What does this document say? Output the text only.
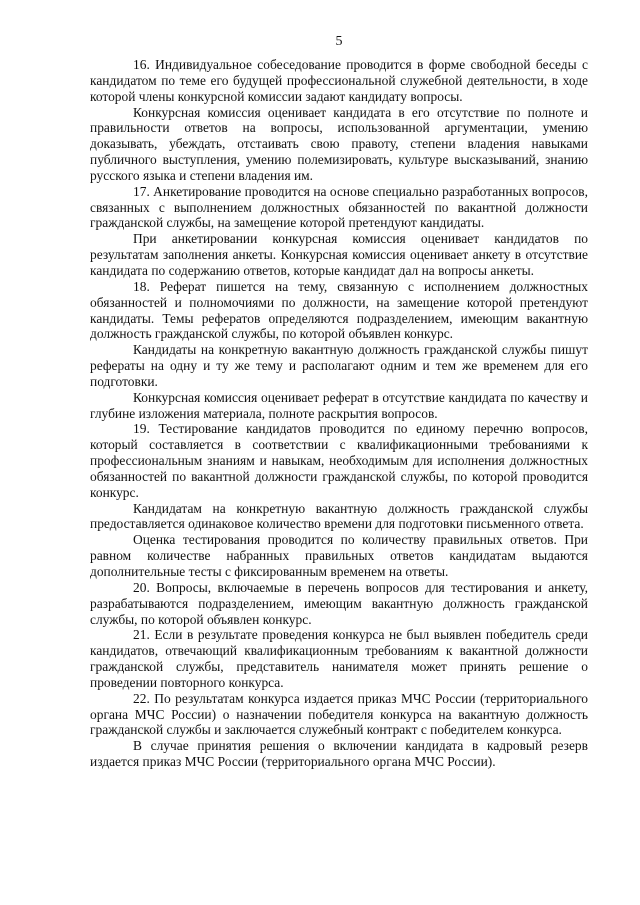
5

16. Индивидуальное собеседование проводится в форме свободной беседы с кандидатом по теме его будущей профессиональной служебной деятельности, в ходе которой члены конкурсной комиссии задают кандидату вопросы.

Конкурсная комиссия оценивает кандидата в его отсутствие по полноте и правильности ответов на вопросы, использованной аргументации, умению доказывать, убеждать, отстаивать свою правоту, степени владения навыками публичного выступления, умению полемизировать, культуре высказываний, знанию русского языка и степени владения им.

17. Анкетирование проводится на основе специально разработанных вопросов, связанных с выполнением должностных обязанностей по вакантной должности гражданской службы, на замещение которой претендуют кандидаты.

При анкетировании конкурсная комиссия оценивает кандидатов по результатам заполнения анкеты. Конкурсная комиссия оценивает анкету в отсутствие кандидата по содержанию ответов, которые кандидат дал на вопросы анкеты.

18. Реферат пишется на тему, связанную с исполнением должностных обязанностей и полномочиями по должности, на замещение которой претендуют кандидаты. Темы рефератов определяются подразделением, имеющим вакантную должность гражданской службы, по которой объявлен конкурс.

Кандидаты на конкретную вакантную должность гражданской службы пишут рефераты на одну и ту же тему и располагают одним и тем же временем для его подготовки.

Конкурсная комиссия оценивает реферат в отсутствие кандидата по качеству и глубине изложения материала, полноте раскрытия вопросов.

19. Тестирование кандидатов проводится по единому перечню вопросов, который составляется в соответствии с квалификационными требованиями к профессиональным знаниям и навыкам, необходимым для исполнения должностных обязанностей по вакантной должности гражданской службы, по которой проводится конкурс.

Кандидатам на конкретную вакантную должность гражданской службы предоставляется одинаковое количество времени для подготовки письменного ответа.

Оценка тестирования проводится по количеству правильных ответов. При равном количестве набранных правильных ответов кандидатам выдаются дополнительные тесты с фиксированным временем на ответы.

20. Вопросы, включаемые в перечень вопросов для тестирования и анкету, разрабатываются подразделением, имеющим вакантную должность гражданской службы, по которой объявлен конкурс.

21. Если в результате проведения конкурса не был выявлен победитель среди кандидатов, отвечающий квалификационным требованиям к вакантной должности гражданской службы, представитель нанимателя может принять решение о проведении повторного конкурса.

22. По результатам конкурса издается приказ МЧС России (территориального органа МЧС России) о назначении победителя конкурса на вакантную должность гражданской службы и заключается служебный контракт с победителем конкурса.

В случае принятия решения о включении кандидата в кадровый резерв издается приказ МЧС России (территориального органа МЧС России).
